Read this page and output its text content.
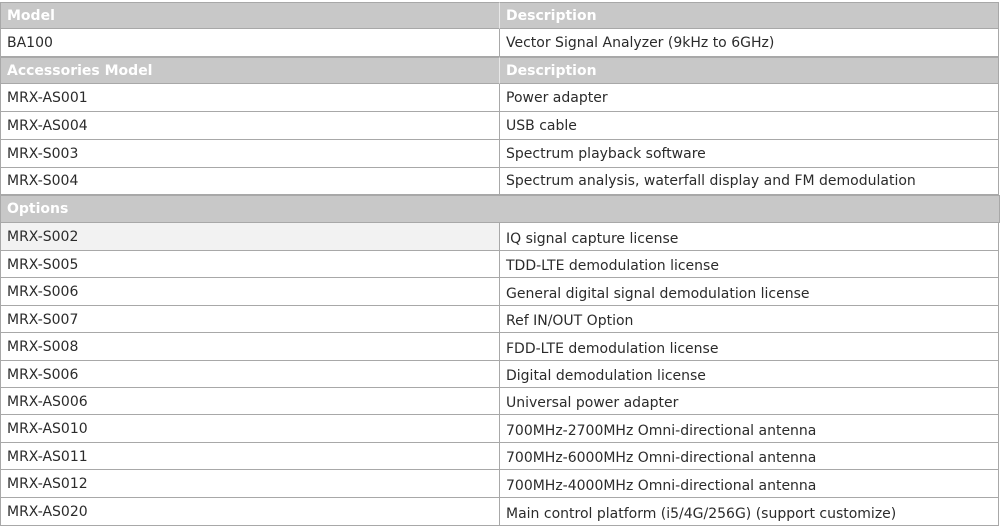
Model	Description
BA100	Vector Signal Analyzer (9kHz to 6GHz)
Accessories Model	Description
MRX-AS001	Power adapter
MRX-AS004	USB cable
MRX-S003	Spectrum playback software
MRX-S004	Spectrum analysis, waterfall display and FM demodulation
Options
MRX-S002	IQ signal capture license
MRX-S005	TDD-LTE demodulation license
MRX-S006	General digital signal demodulation license
MRX-S007	Ref IN/OUT Option
MRX-S008	FDD-LTE demodulation license
MRX-S006	Digital demodulation license
MRX-AS006	Universal power adapter
MRX-AS010	700MHz-2700MHz Omni-directional antenna
MRX-AS011	700MHz-6000MHz Omni-directional antenna
MRX-AS012	700MHz-4000MHz Omni-directional antenna
MRX-AS020	Main control platform (i5/4G/256G) (support customize)
